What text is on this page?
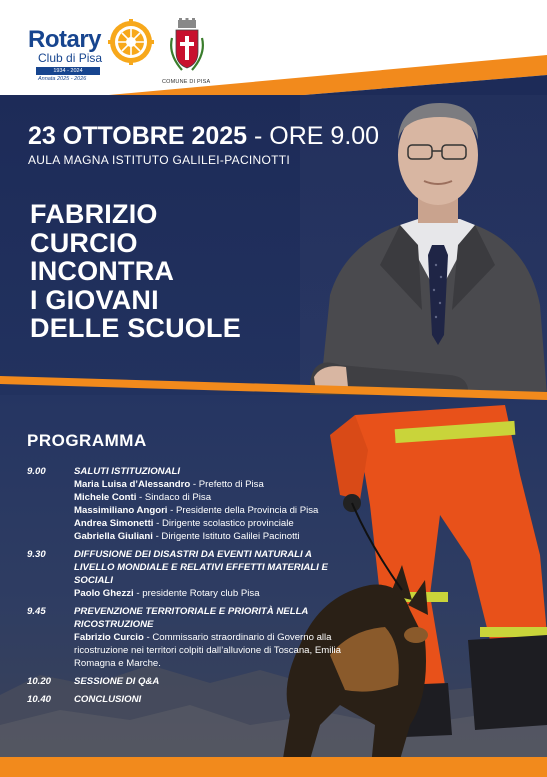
Rotary
Club di Pisa
1934 - 2024
Annata 2025 - 2026	COMUNE DI PISA
23 OTTOBRE 2025 - ORE 9.00
AULA MAGNA ISTITUTO GALILEI-PACINOTTI
FABRIZIO
CURCIO
INCONTRA
I GIOVANI
DELLE SCUOLE
PROGRAMMA
9.00	SALUTI ISTITUZIONALI
Maria Luisa d’Alessandro - Prefetto di Pisa
Michele Conti - Sindaco di Pisa
Massimiliano Angori - Presidente della Provincia di Pisa
Andrea Simonetti - Dirigente scolastico provinciale
Gabriella Giuliani - Dirigente Istituto Galilei Pacinotti
9.30	DIFFUSIONE DEI DISASTRI DA EVENTI NATURALI A LIVELLO MONDIALE E RELATIVI EFFETTI MATERIALI E SOCIALI
Paolo Ghezzi - presidente Rotary club Pisa
9.45	PREVENZIONE TERRITORIALE E PRIORITÀ NELLA RICOSTRUZIONE
Fabrizio Curcio - Commissario straordinario di Governo alla ricostruzione nei territori colpiti dall’alluvione di Toscana, Emilia Romagna e Marche.
10.20 SESSIONE DI Q&A
10.40 CONCLUSIONI
